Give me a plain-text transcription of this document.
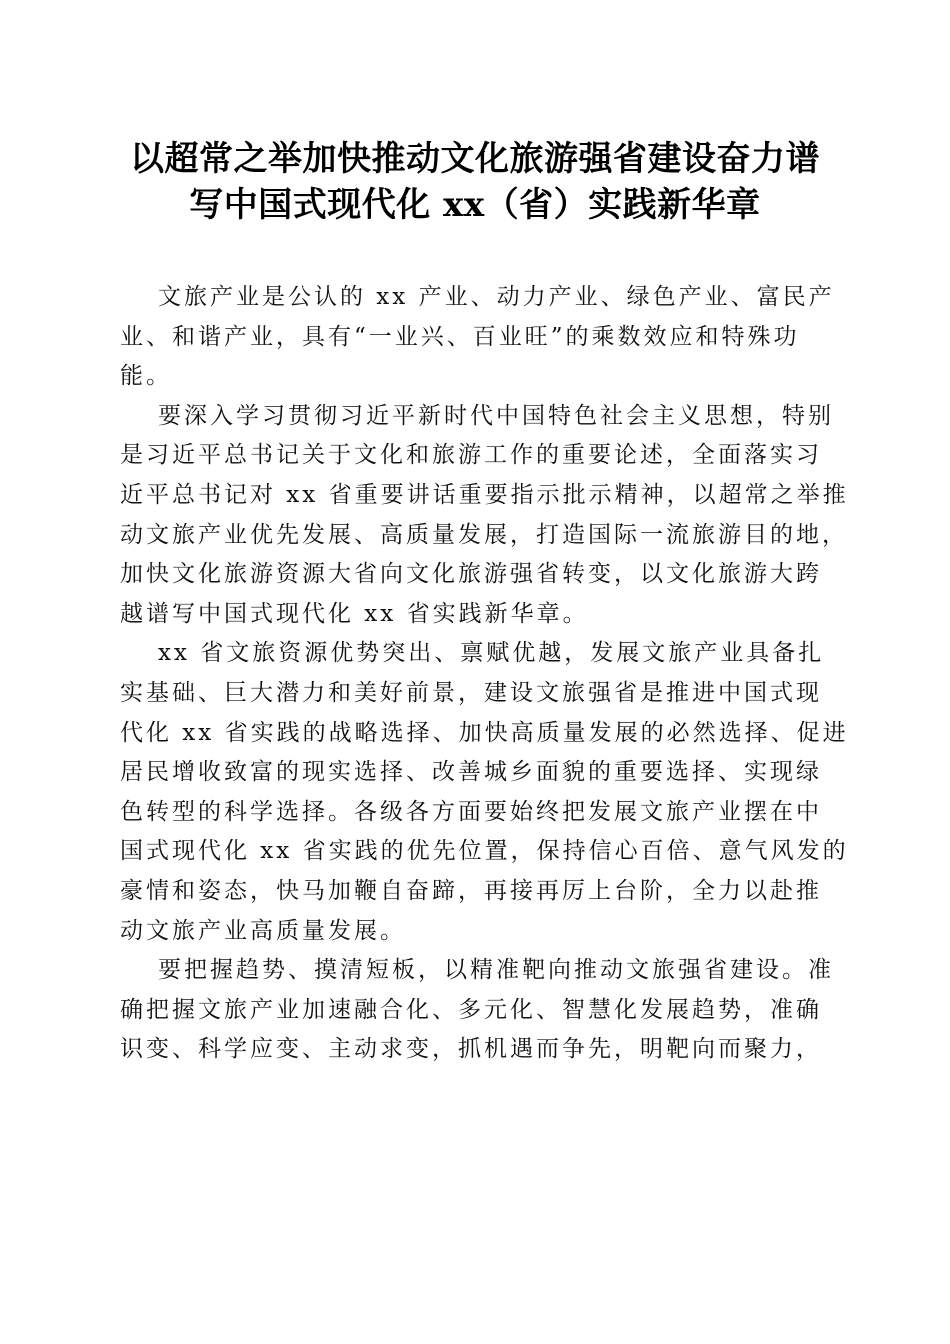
以超常之举加快推动文化旅游强省建设奋力谱
写中国式现代化 xx（省）实践新华章
文旅产业是公认的 xx 产业、动力产业、绿色产业、富民产
业、和谐产业，具有“一业兴、百业旺”的乘数效应和特殊功
能。
要深入学习贯彻习近平新时代中国特色社会主义思想，特别
是习近平总书记关于文化和旅游工作的重要论述，全面落实习
近平总书记对 xx 省重要讲话重要指示批示精神，以超常之举推
动文旅产业优先发展、高质量发展，打造国际一流旅游目的地，
加快文化旅游资源大省向文化旅游强省转变，以文化旅游大跨
越谱写中国式现代化 xx 省实践新华章。
xx 省文旅资源优势突出、禀赋优越，发展文旅产业具备扎
实基础、巨大潜力和美好前景，建设文旅强省是推进中国式现
代化 xx 省实践的战略选择、加快高质量发展的必然选择、促进
居民增收致富的现实选择、改善城乡面貌的重要选择、实现绿
色转型的科学选择。各级各方面要始终把发展文旅产业摆在中
国式现代化 xx 省实践的优先位置，保持信心百倍、意气风发的
豪情和姿态，快马加鞭自奋蹄，再接再厉上台阶，全力以赴推
动文旅产业高质量发展。
要把握趋势、摸清短板，以精准靶向推动文旅强省建设。准
确把握文旅产业加速融合化、多元化、智慧化发展趋势，准确
识变、科学应变、主动求变，抓机遇而争先，明靶向而聚力，
